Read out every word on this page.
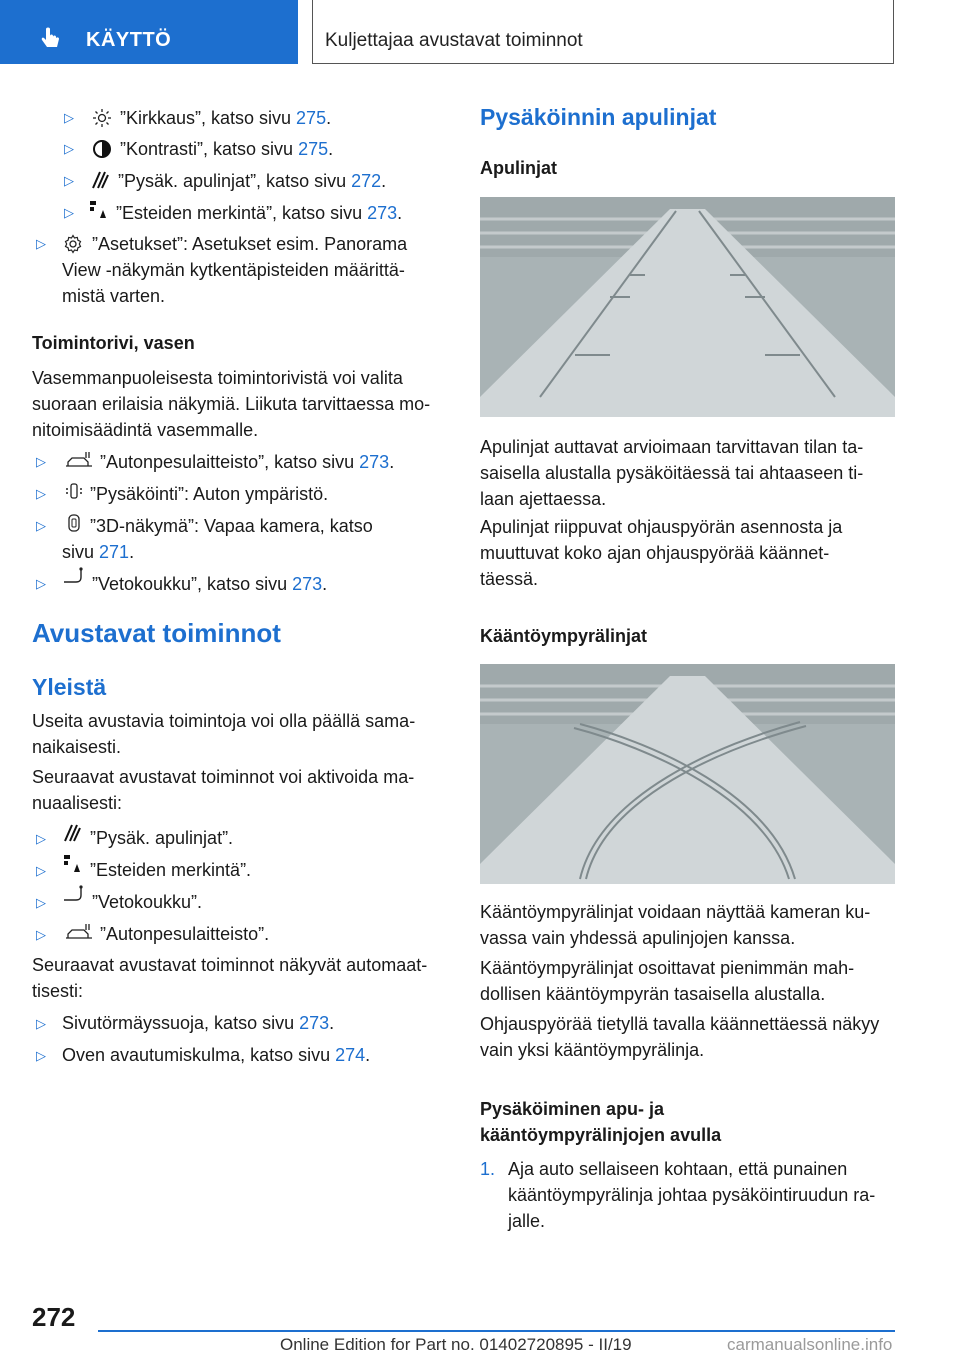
KÄYTTÖ	Kuljettajaa avustavat toiminnot
▷	”Kirkkaus”, katso sivu 275.
▷	”Kontrasti”, katso sivu 275.
▷ ”Pysäk. apulinjat”, katso sivu 272.
▷ ”Esteiden merkintä”, katso sivu 273.
▷	”Asetukset”: Asetukset esim. Panorama
View -näkymän kytkentäpisteiden määrittä-
mistä varten.
Toimintorivi, vasen
Vasemmanpuoleisesta toimintorivistä voi valita
suoraan erilaisia näkymiä. Liikuta tarvittaessa mo-
nitoimisäädintä vasemmalle.
▷	”Autonpesulaitteisto”, katso sivu 273.
▷ ”Pysäköinti”: Auton ympäristö.
▷ ”3D-näkymä”: Vapaa kamera, katso
sivu 271.
▷	”Vetokoukku”, katso sivu 273.
Avustavat toiminnot
Yleistä
Useita avustavia toimintoja voi olla päällä sama-
naikaisesti.
Seuraavat avustavat toiminnot voi aktivoida ma-
nuaalisesti:
▷ ”Pysäk. apulinjat”.
▷ ”Esteiden merkintä”.
▷	”Vetokoukku”.
▷	”Autonpesulaitteisto”.
Seuraavat avustavat toiminnot näkyvät automaat-
tisesti:
▷ Sivutörmäyssuoja, katso sivu 273.
▷ Oven avautumiskulma, katso sivu 274.
Pysäköinnin apulinjat
Apulinjat
Apulinjat auttavat arvioimaan tarvittavan tilan ta-
saisella alustalla pysäköitäessä tai ahtaaseen ti-
laan ajettaessa.
Apulinjat riippuvat ohjauspyörän asennosta ja
muuttuvat koko ajan ohjauspyörää käännet-
täessä.
Kääntöympyrälinjat
Kääntöympyrälinjat voidaan näyttää kameran ku-
vassa vain yhdessä apulinjojen kanssa.
Kääntöympyrälinjat osoittavat pienimmän mah-
dollisen kääntöympyrän tasaisella alustalla.
Ohjauspyörää tietyllä tavalla käännettäessä näkyy
vain yksi kääntöympyrälinja.
Pysäköiminen apu- ja
kääntöympyrälinjojen avulla
1. Aja auto sellaiseen kohtaan, että punainen
kääntöympyrälinja johtaa pysäköintiruudun ra-
jalle.
272
Online Edition for Part no. 01402720895 - II/19	carmanualsonline.info
